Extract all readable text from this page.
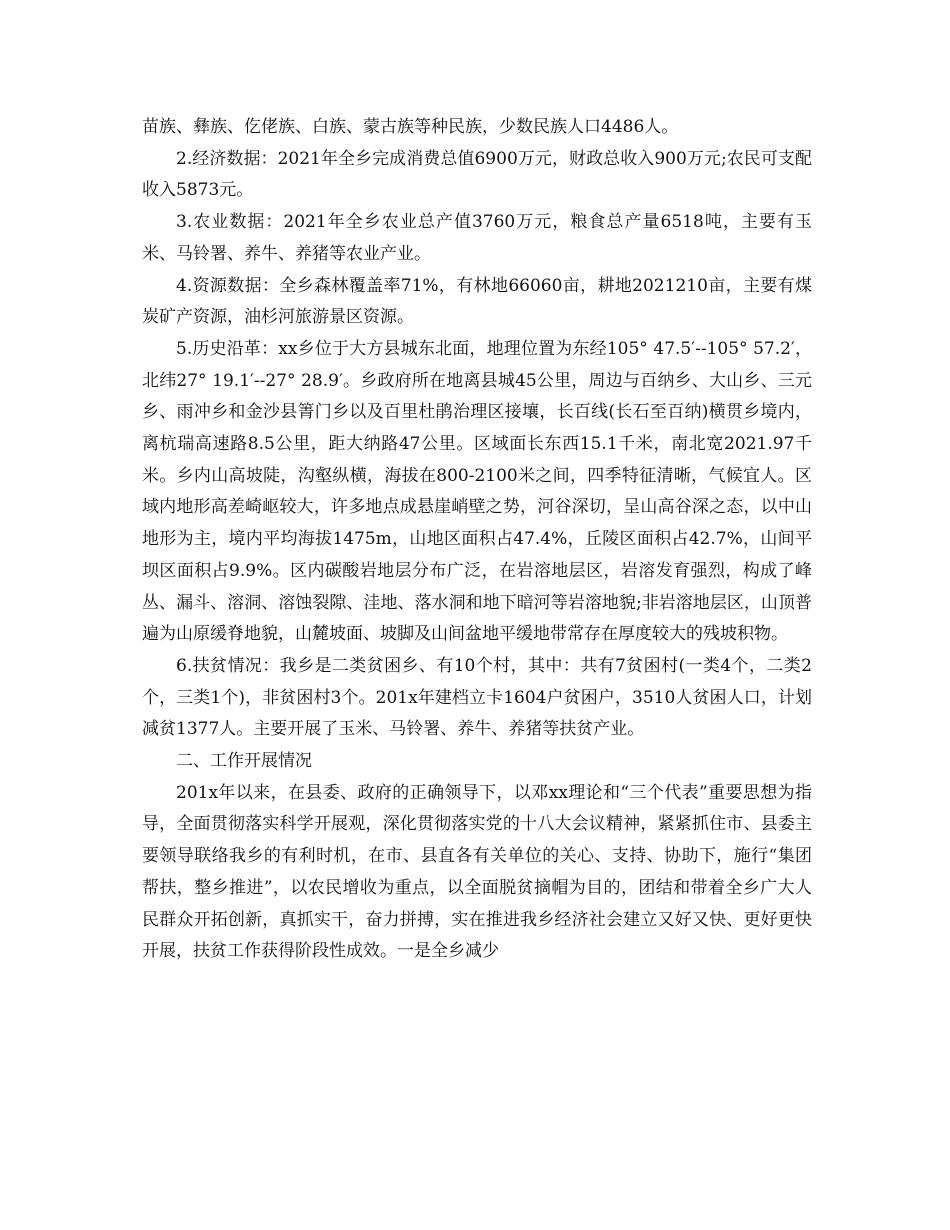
苗族、彝族、仡佬族、白族、蒙古族等种民族，少数民族人口4486人。

2.经济数据：2021年全乡完成消费总值6900万元，财政总收入900万元;农民可支配收入5873元。

3.农业数据：2021年全乡农业总产值3760万元，粮食总产量6518吨，主要有玉米、马铃署、养牛、养猪等农业产业。

4.资源数据：全乡森林覆盖率71%，有林地66060亩，耕地2021210亩，主要有煤炭矿产资源，油杉河旅游景区资源。

5.历史沿革：xx乡位于大方县城东北面，地理位置为东经105° 47.5′--105° 57.2′，北纬27° 19.1′--27° 28.9′。乡政府所在地离县城45公里，周边与百纳乡、大山乡、三元乡、雨冲乡和金沙县箐门乡以及百里杜鹃治理区接壤，长百线(长石至百纳)横贯乡境内，离杭瑞高速路8.5公里，距大纳路47公里。区域面长东西15.1千米，南北宽2021.97千米。乡内山高坡陡，沟壑纵横，海拔在800-2100米之间，四季特征清晰，气候宜人。区域内地形高差崎岖较大，许多地点成悬崖峭壁之势，河谷深切，呈山高谷深之态，以中山地形为主，境内平均海拔1475m，山地区面积占47.4%，丘陵区面积占42.7%，山间平坝区面积占9.9%。区内碳酸岩地层分布广泛，在岩溶地层区，岩溶发育强烈，构成了峰丛、漏斗、溶洞、溶蚀裂隙、洼地、落水洞和地下暗河等岩溶地貌;非岩溶地层区，山顶普遍为山原缓脊地貌，山麓坡面、坡脚及山间盆地平缓地带常存在厚度较大的残坡积物。

6.扶贫情况：我乡是二类贫困乡、有10个村，其中：共有7贫困村(一类4个，二类2个，三类1个)，非贫困村3个。201x年建档立卡1604户贫困户，3510人贫困人口，计划减贫1377人。主要开展了玉米、马铃署、养牛、养猪等扶贫产业。

二、工作开展情况

201x年以来，在县委、政府的正确领导下，以邓xx理论和“三个代表”重要思想为指导，全面贯彻落实科学开展观，深化贯彻落实党的十八大会议精神，紧紧抓住市、县委主要领导联络我乡的有利时机，在市、县直各有关单位的关心、支持、协助下，施行“集团帮扶，整乡推进”，以农民增收为重点，以全面脱贫摘帽为目的，团结和带着全乡广大人民群众开拓创新，真抓实干，奋力拼搏，实在推进我乡经济社会建立又好又快、更好更快开展，扶贫工作获得阶段性成效。一是全乡减少
